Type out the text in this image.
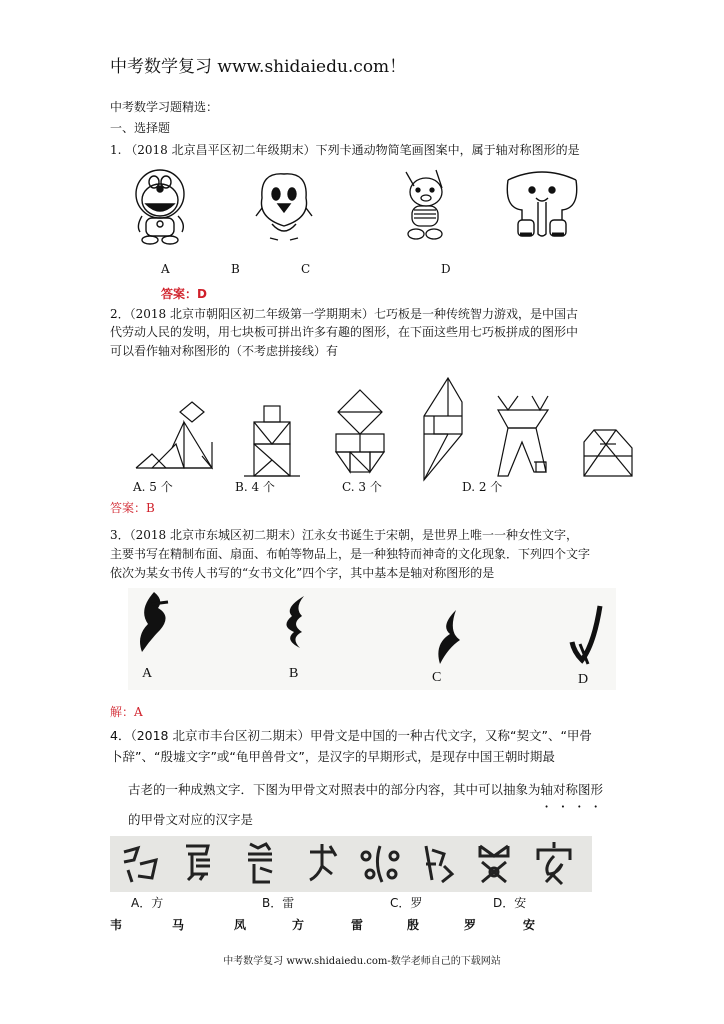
中考数学复习 www.shidaiedu.com！
中考数学习题精选：
一、选择题
1. （2018 北京昌平区初二年级期末）下列卡通动物简笔画图案中，属于轴对称图形的是
A	B	C	D
答案：D
2．（2018 北京市朝阳区初二年级第一学期期末）七巧板是一种传统智力游戏，是中国古
代劳动人民的发明，用七块板可拼出许多有趣的图形，在下面这些用七巧板拼成的图形中
可以看作轴对称图形的（不考虑拼接线）有
A. 5 个	B. 4 个	C. 3 个	D. 2 个
答案：B
3．（2018 北京市东城区初二期末）江永女书诞生于宋朝，是世界上唯一一种女性文字，
主要书写在精制布面、扇面、布帕等物品上，是一种独特而神奇的文化现象．下列四个文字
依次为某女书传人书写的“女书文化”四个字，其中基本是轴对称图形的是
A	B	C	D
解：A
4．（2018 北京市丰台区初二期末）甲骨文是中国的一种古代文字，又称“契文”、“甲骨
卜辞”、“殷墟文字”或“龟甲兽骨文”，是汉字的早期形式，是现存中国王朝时期最
古老的一种成熟文字．下图为甲骨文对照表中的部分内容，其中可以抽象为轴对称 • • • •图形
的甲骨文对应的汉字是
A．方	B．雷	C．罗	D．安
韦	马	凤	方	雷	殷	罗	安
中考数学复习 www.shidaiedu.com-数学老师自己的下载网站
